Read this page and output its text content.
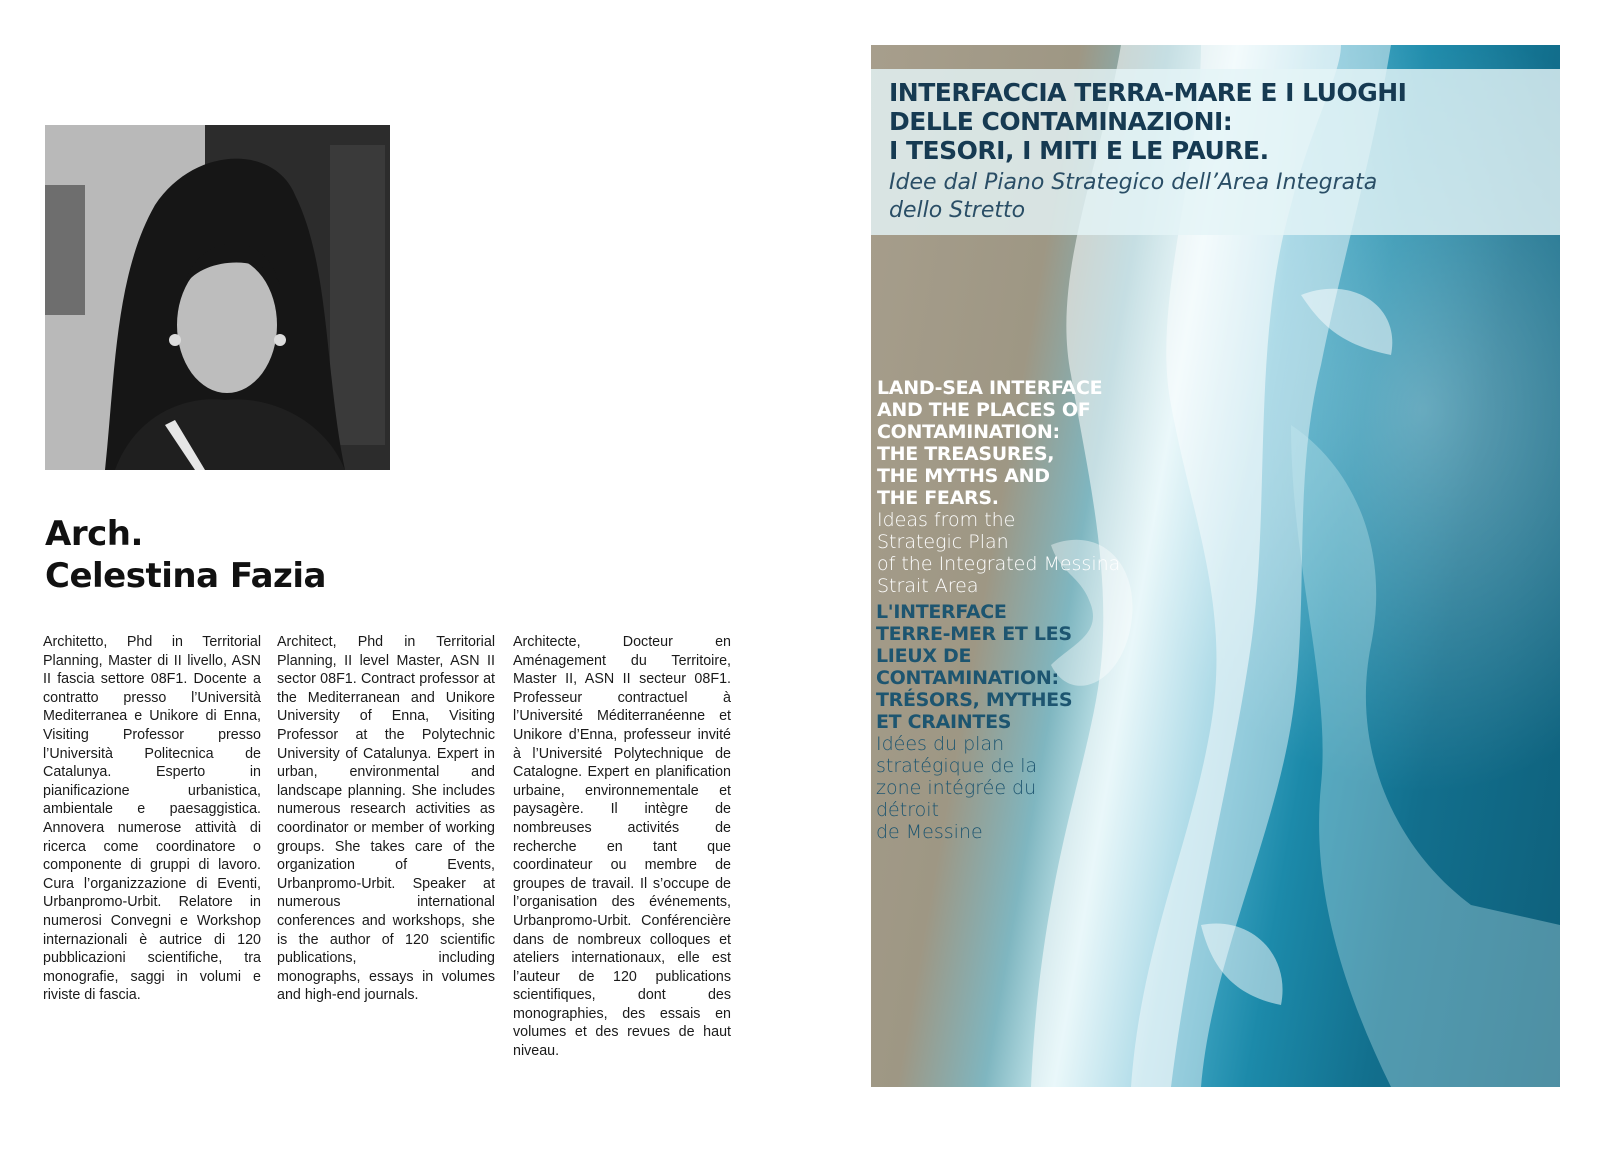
Arch.
Celestina Fazia

Architetto, Phd in Territorial Planning, Master di II livello, ASN II fascia settore 08F1. Docente a contratto presso l’Università Mediterranea e Unikore di Enna, Visiting Professor presso l’Università Politecnica de Catalunya. Esperto in pianificazione urbanistica, ambientale e paesaggistica. Annovera numerose attività di ricerca come coordinatore o componente di gruppi di lavoro. Cura l’organizzazione di Eventi, Urbanpromo-Urbit. Relatore in numerosi Convegni e Workshop internazionali è autrice di 120 pubblicazioni scientifiche, tra monografie, saggi in volumi e riviste di fascia.

Architect, Phd in Territorial Planning, II level Master, ASN II sector 08F1. Contract professor at the Mediterranean and Unikore University of Enna, Visiting Professor at the Polytechnic University of Catalunya. Expert in urban, environmental and landscape planning. She includes numerous research activities as coordinator or member of working groups. She takes care of the organization of Events, Urbanpromo-Urbit. Speaker at numerous international conferences and workshops, she is the author of 120 scientific publications, including monographs, essays in volumes and high-end journals.

Architecte, Docteur en Aménagement du Territoire, Master II, ASN II secteur 08F1. Professeur contractuel à l’Université Méditerranéenne et Unikore d’Enna, professeur invité à l’Université Polytechnique de Catalogne. Expert en planification urbaine, environnementale et paysagère. Il intègre de nombreuses activités de recherche en tant que coordinateur ou membre de groupes de travail. Il s’occupe de l’organisation des événements, Urbanpromo-Urbit. Conférencière dans de nombreux colloques et ateliers internationaux, elle est l’auteur de 120 publications scientifiques, dont des monographies, des essais en volumes et des revues de haut niveau.

INTERFACCIA TERRA-MARE E I LUOGHI
DELLE CONTAMINAZIONI:
I TESORI, I MITI E LE PAURE.

Idee dal Piano Strategico dell’Area Integrata
dello Stretto

LAND-SEA INTERFACE
AND THE PLACES OF
CONTAMINATION:
THE TREASURES,
THE MYTHS AND
THE FEARS.

Ideas from the
Strategic Plan
of the Integrated Messina
Strait Area

L'INTERFACE
TERRE-MER ET LES
LIEUX DE
CONTAMINATION:
TRÉSORS, MYTHES
ET CRAINTES

Idées du plan
stratégique de la
zone intégrée du
détroit
de Messine
